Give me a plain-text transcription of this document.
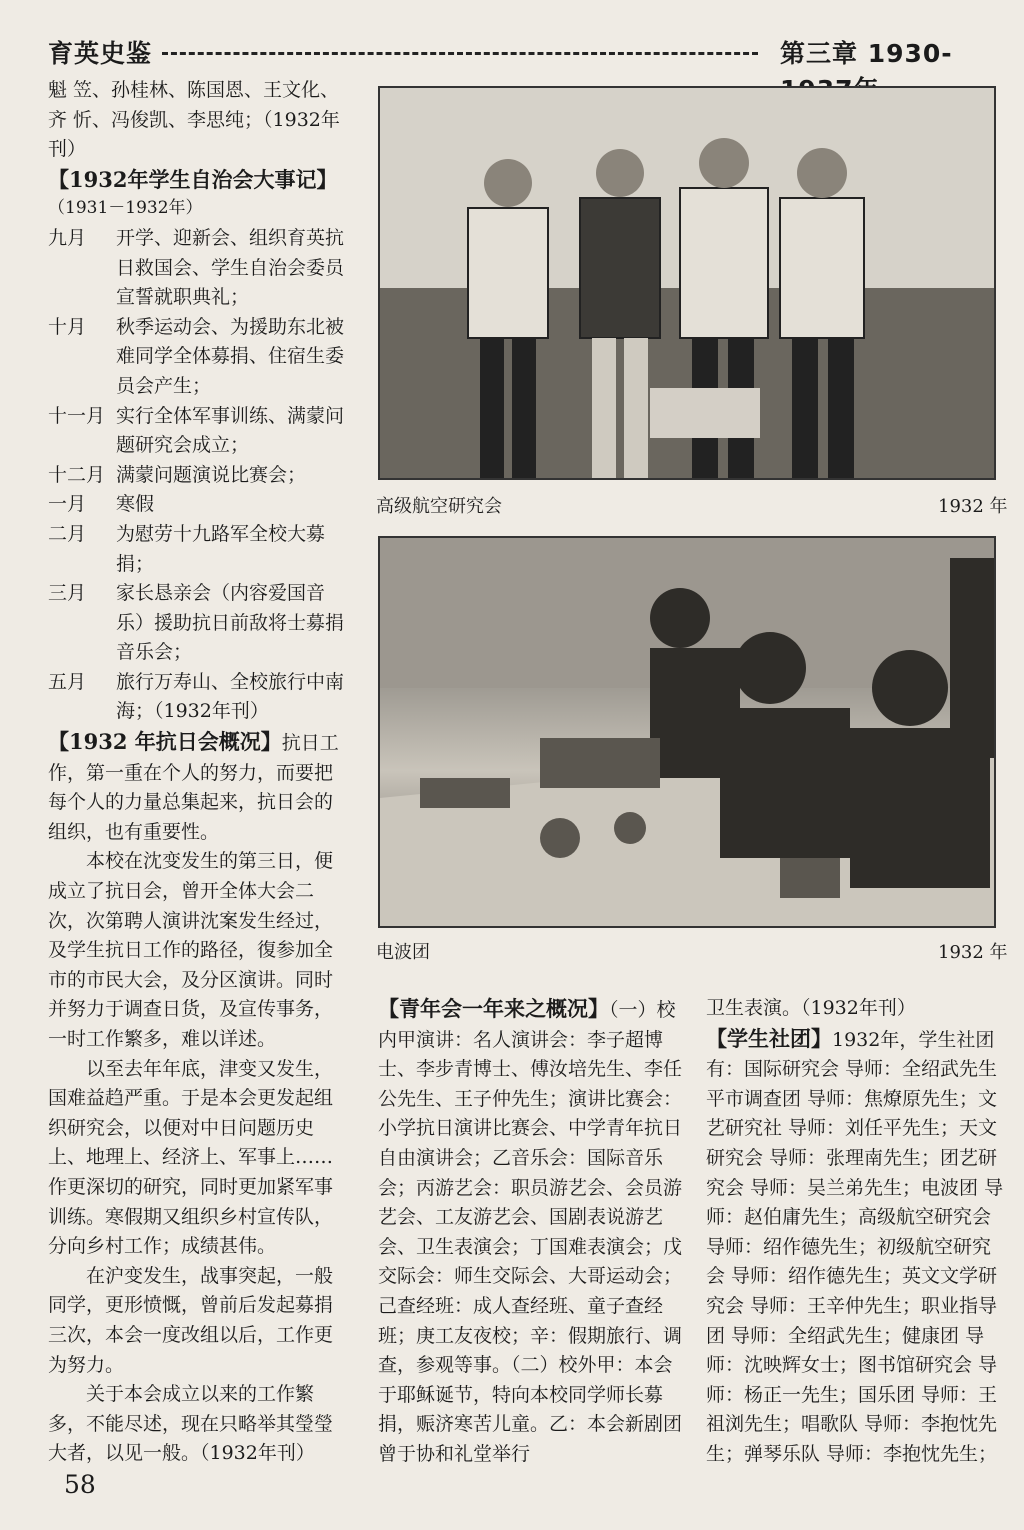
育英史鉴	第三章 1930-

魁 笠、孙桂林、陈国恩、王文化、齐 忻、冯俊凯、李思纯；（1932年刊）

【1932年学生自治会大事记】

（1931－1932年）

九月	开学、迎新会、组织育英抗日救国会、学生自治会委员宣誓就职典礼；
十月	秋季运动会、为援助东北被难同学全体募捐、住宿生委员会产生；
十一月 实行全体军事训练、满蒙问题研究会成立；
十二月 满蒙问题演说比赛会；
一月	寒假
二月	为慰劳十九路军全校大募捐；
三月	家长恳亲会（内容爱国音乐）援助抗日前敌将士募捐音乐会；
五月	旅行万寿山、全校旅行中南海；（1932年刊）

【1932 年抗日会概况】抗日工作，第一重在个人的努力，而要把每个人的力量总集起来，抗日会的组织，也有重要性。

本校在沈变发生的第三日，便成立了抗日会，曾开全体大会二次，次第聘人演讲沈案发生经过，及学生抗日工作的路径，復参加全市的市民大会，及分区演讲。同时并努力于调查日货，及宣传事务，一时工作繁多，难以详述。

以至去年年底，津变又发生，国难益趋严重。于是本会更发起组织研究会，以便对中日问题历史上、地理上、经济上、军事上……作更深切的研究，同时更加紧军事训练。寒假期又组织乡村宣传队，分向乡村工作；成绩甚伟。

在沪变发生，战事突起，一般同学，更形愤慨，曾前后发起募捐三次，本会一度改组以后，工作更为努力。

关于本会成立以来的工作繁多，不能尽述，现在只略举其瑩瑩大者，以见一般。（1932年刊）

高级航空研究会	1932 年
电波团	1932 年

【青年会一年来之概况】（一）校内甲演讲：名人演讲会：李子超博士、李步青博士、傅汝培先生、李任公先生、王子仲先生；演讲比赛会：小学抗日演讲比赛会、中学青年抗日自由演讲会；乙音乐会：国际音乐会；丙游艺会：职员游艺会、会员游艺会、工友游艺会、国剧表说游艺会、卫生表演会；丁国难表演会；戊交际会：师生交际会、大哥运动会；己查经班：成人查经班、童子查经班；庚工友夜校；辛：假期旅行、调查，参观等事。（二）校外甲：本会于耶稣诞节，特向本校同学师长募捐，赈济寒苦儿童。乙：本会新剧团曾于协和礼堂举行

卫生表演。（1932年刊）

【学生社团】1932年，学生社团有：国际研究会 导师：全绍武先生 平市调查团 导师：焦燎原先生；文艺研究社 导师：刘任平先生；天文研究会 导师：张理南先生；团艺研究会 导师：吴兰弟先生；电波团 导师：赵伯庸先生；高级航空研究会 导师：绍作德先生；初级航空研究会 导师：绍作德先生；英文文学研究会 导师：王辛仲先生；职业指导团 导师：全绍武先生；健康团 导师：沈映辉女士；图书馆研究会 导师：杨正一先生；国乐团 导师：王祖浏先生；唱歌队 导师：李抱忱先生；弹琴乐队 导师：李抱忱先生；

58
